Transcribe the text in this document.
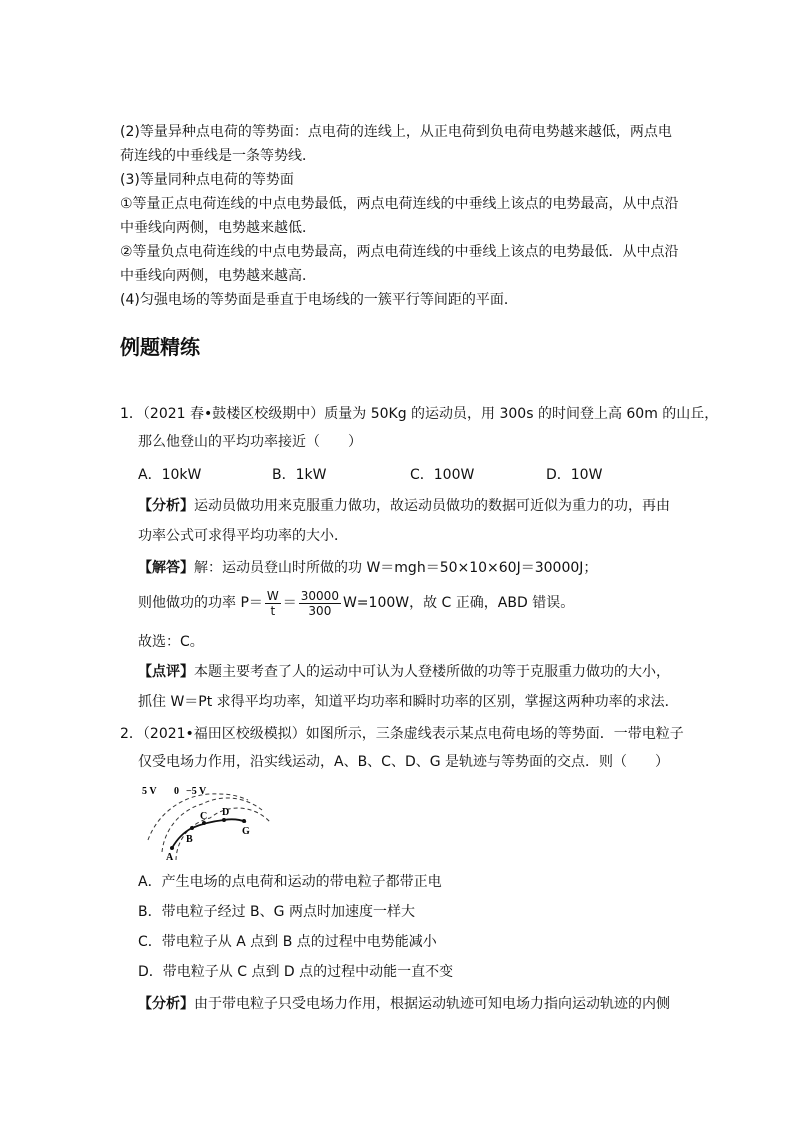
(2)等量异种点电荷的等势面：点电荷的连线上，从正电荷到负电荷电势越来越低，两点电
荷连线的中垂线是一条等势线．
(3)等量同种点电荷的等势面
①等量正点电荷连线的中点电势最低，两点电荷连线的中垂线上该点的电势最高，从中点沿
中垂线向两侧，电势越来越低．
②等量负点电荷连线的中点电势最高，两点电荷连线的中垂线上该点的电势最低．从中点沿
中垂线向两侧，电势越来越高．
(4)匀强电场的等势面是垂直于电场线的一簇平行等间距的平面．
例题精练
1．（2021 春•鼓楼区校级期中）质量为 50Kg 的运动员，用 300s 的时间登上高 60m 的山丘，
那么他登山的平均功率接近（　　）
A．10kW	B．1kW	C．100W	D．10W
【分析】运动员做功用来克服重力做功，故运动员做功的数据可近似为重力的功，再由
功率公式可求得平均功率的大小．
【解答】解：运动员登山时所做的功 W＝mgh＝50×10×60J＝30000J；
则他做功的功率 $P= \frac{W}{t} = \frac{30000}{300} W=100W$，故 C 正确，ABD 错误。
故选：C。
【点评】本题主要考查了人的运动中可认为人登楼所做的功等于克服重力做功的大小，
抓住 W＝Pt 求得平均功率，知道平均功率和瞬时功率的区别，掌握这两种功率的求法．
2．（2021•福田区校级模拟）如图所示，三条虚线表示某点电荷电场的等势面．一带电粒子
仅受电场力作用，沿实线运动，A、B、C、D、G 是轨迹与等势面的交点．则（　　）
5 V 0 −5 V
A
B
C D
G
A．产生电场的点电荷和运动的带电粒子都带正电
B．带电粒子经过 B、G 两点时加速度一样大
C．带电粒子从 A 点到 B 点的过程中电势能减小
D．带电粒子从 C 点到 D 点的过程中动能一直不变
【分析】由于带电粒子只受电场力作用，根据运动轨迹可知电场力指向运动轨迹的内侧
